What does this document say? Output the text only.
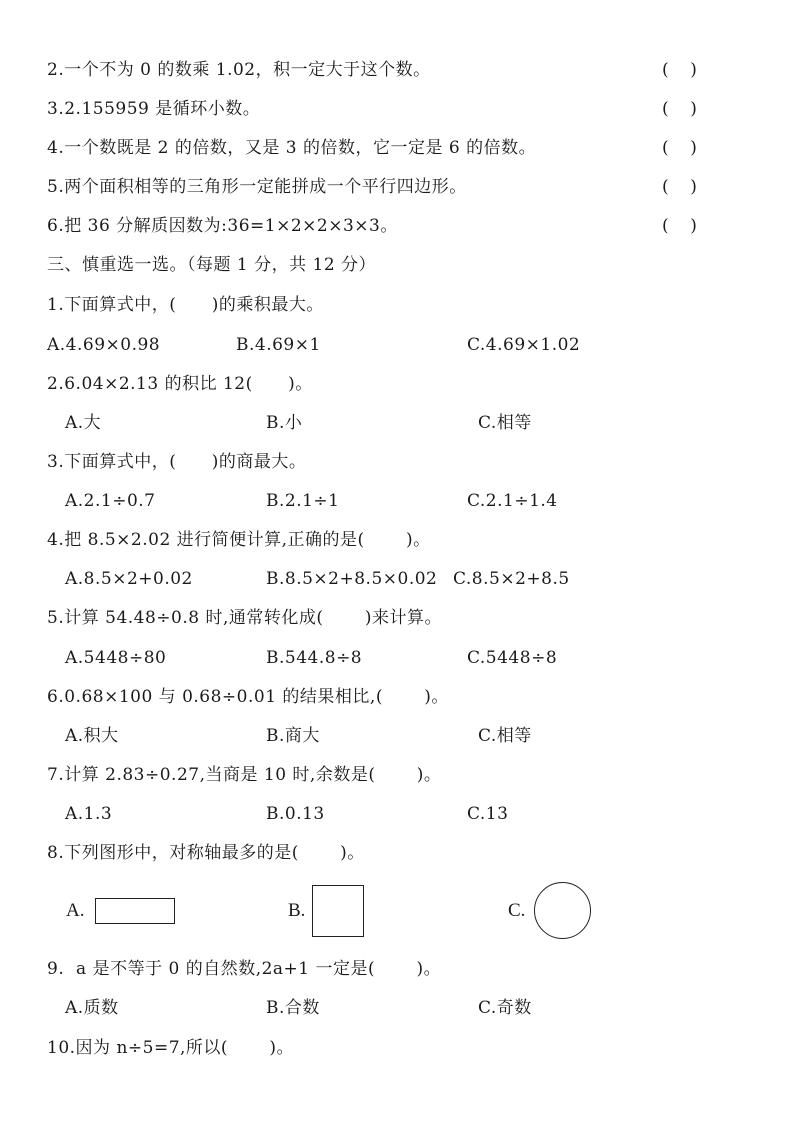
2.一个不为 0 的数乘 1.02，积一定大于这个数。	(    )
3.2.155959 是循环小数。	(    )
4.一个数既是 2 的倍数，又是 3 的倍数，它一定是 6 的倍数。	(    )
5.两个面积相等的三角形一定能拼成一个平行四边形。	(    )
6.把 36 分解质因数为:36=1×2×2×3×3。	(    )
三、慎重选一选。（每题 1 分，共 12 分）
1.下面算式中，(      )的乘积最大。
A.4.69×0.98	B.4.69×1	C.4.69×1.02
2.6.04×2.13 的积比 12(      )。
A.大	B.小	C.相等
3.下面算式中，(      )的商最大。
A.2.1÷0.7	B.2.1÷1	C.2.1÷1.4
4.把 8.5×2.02 进行简便计算,正确的是(       )。
A.8.5×2+0.02	B.8.5×2+8.5×0.02 C.8.5×2+8.5
5.计算 54.48÷0.8 时,通常转化成(       )来计算。
A.5448÷80	B.544.8÷8	C.5448÷8
6.0.68×100 与 0.68÷0.01 的结果相比,(       )。
A.积大	B.商大	C.相等
7.计算 2.83÷0.27,当商是 10 时,余数是(       )。
A.1.3	B.0.13	C.13
8.下列图形中，对称轴最多的是(       )。
A.	B.	C.
9.  a 是不等于 0 的自然数,2a+1 一定是(       )。
A.质数	B.合数	C.奇数
10.因为 n÷5=7,所以(       )。
